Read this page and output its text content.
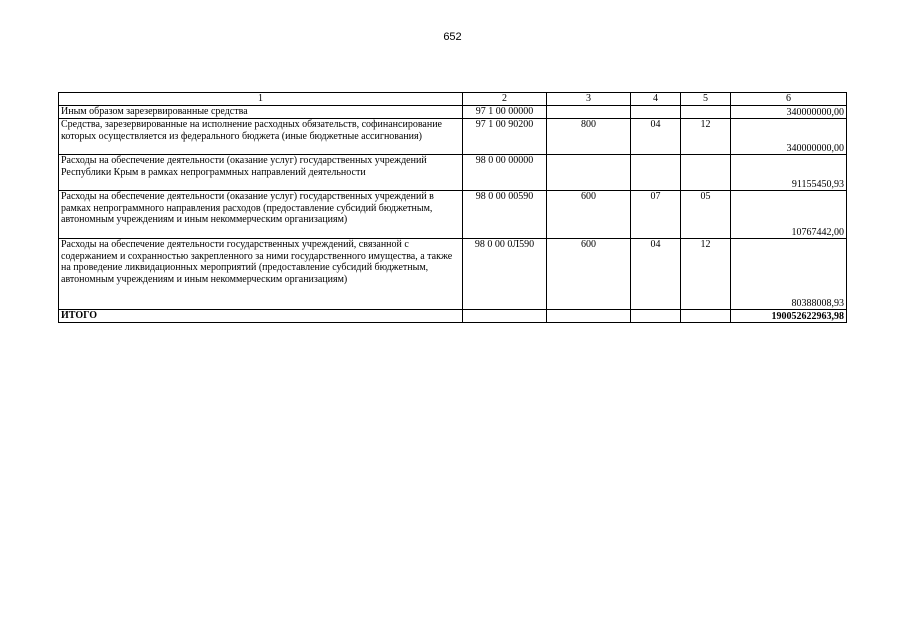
652
1	2	3	4	5	6
Иным образом зарезервированные средства	97 1 00 00000				340000000,00
Средства, зарезервированные на исполнение расходных обязательств, софинансирование которых осуществляется из федерального бюджета (иные бюджетные ассигнования)	97 1 00 90200	800	04	12	340000000,00
Расходы на обеспечение деятельности (оказание услуг) государственных учреждений Республики Крым в рамках непрограммных направлений деятельности	98 0 00 00000				91155450,93
Расходы на обеспечение деятельности (оказание услуг) государственных учреждений в рамках непрограммного направления расходов (предоставление субсидий бюджетным, автономным учреждениям и иным некоммерческим организациям)	98 0 00 00590	600	07	05	10767442,00
Расходы на обеспечение деятельности государственных учреждений, связанной с содержанием и сохранностью закрепленного за ними государственного имущества, а также на проведение ликвидационных мероприятий (предоставление субсидий бюджетным, автономным учреждениям и иным некоммерческим организациям)	98 0 00 0Л590	600	04	12	80388008,93
ИТОГО					190052622963,98
